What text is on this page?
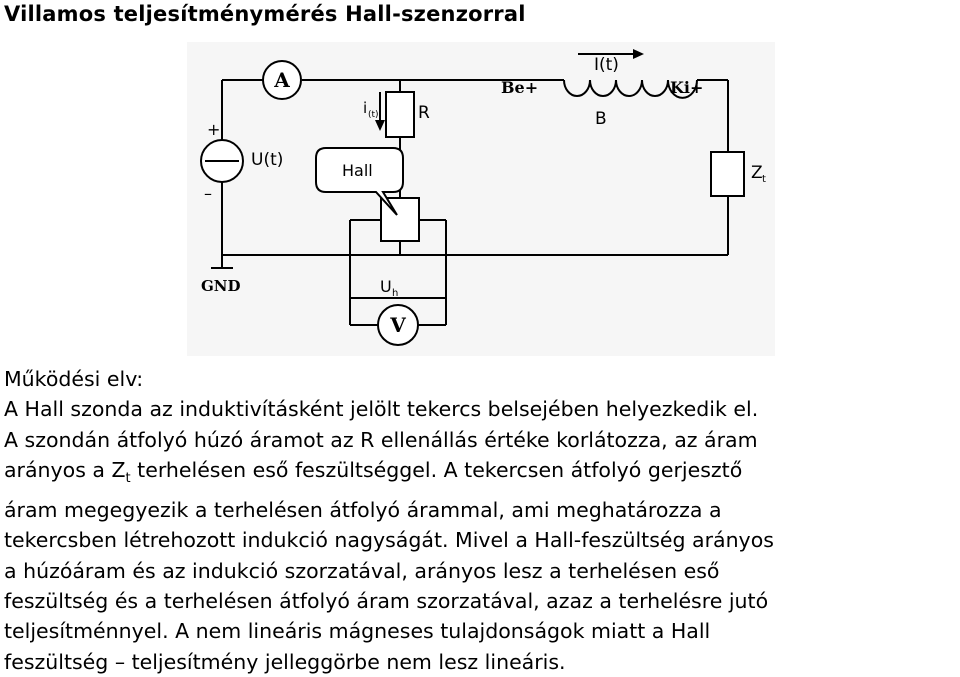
Villamos teljesítménymérés Hall-szenzorral
A
V
+
–
U(t)
i (t) R
Hall
Be+	Ki+
B
I(t)
Z t
GND	U h
Működési elv:
A Hall szonda az induktivításként jelölt tekercs belsejében helyezkedik el.
A szondán átfolyó húzó áramot az R ellenállás értéke korlátozza, az áram
arányos a $Z_t$ terhelésen eső feszültséggel. A tekercsen átfolyó gerjesztő
áram megegyezik a terhelésen átfolyó árammal, ami meghatározza a
tekercsben létrehozott indukció nagyságát. Mivel a Hall-feszültség arányos
a húzóáram és az indukció szorzatával, arányos lesz a terhelésen eső
feszültség és a terhelésen átfolyó áram szorzatával, azaz a terhelésre jutó
teljesítménnyel. A nem lineáris mágneses tulajdonságok miatt a Hall
feszültség – teljesítmény jelleggörbe nem lesz lineáris.
